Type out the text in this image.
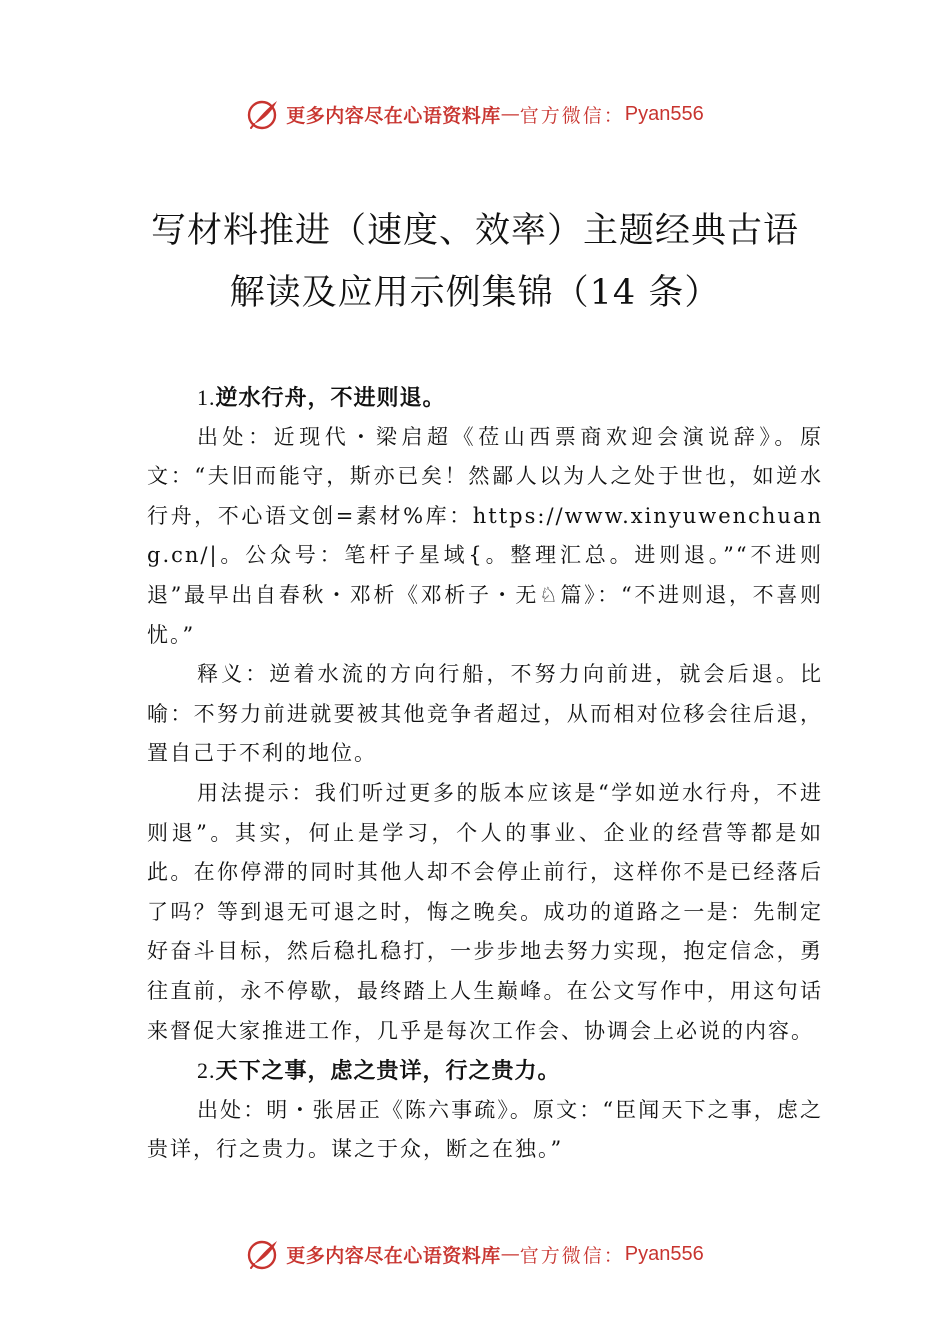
更多内容尽在心语资料库 — 官方微信： Pyan556
写材料推进（速度、效率）主题经典古语
解读及应用示例集锦（14 条）

1.逆水行舟，不进则退。

出处：近现代・梁启超《莅山西票商欢迎会演说辞》。原文：“夫旧而能守，斯亦已矣！然鄙人以为人之处于世也，如逆水行舟，不心语文创=素材%库：https://www.xinyuwenchuang.cn/|。公众号：笔杆子星域{。整理汇总。进则退。”“不进则退”最早出自春秋・邓析《邓析子・无♘篇》：“不进则退，不喜则忧。”

释义：逆着水流的方向行船，不努力向前进，就会后退。比喻：不努力前进就要被其他竞争者超过，从而相对位移会往后退，置自己于不利的地位。

用法提示：我们听过更多的版本应该是“学如逆水行舟，不进则退”。其实，何止是学习，个人的事业、企业的经营等都是如此。在你停滞的同时其他人却不会停止前行，这样你不是已经落后了吗？等到退无可退之时，悔之晚矣。成功的道路之一是：先制定好奋斗目标，然后稳扎稳打，一步步地去努力实现，抱定信念，勇往直前，永不停歇，最终踏上人生巅峰。在公文写作中，用这句话来督促大家推进工作，几乎是每次工作会、协调会上必说的内容。

2.天下之事，虑之贵详，行之贵力。

出处：明・张居正《陈六事疏》。原文：“臣闻天下之事，虑之贵详，行之贵力。谋之于众，断之在独。”

更多内容尽在心语资料库 — 官方微信： Pyan556
